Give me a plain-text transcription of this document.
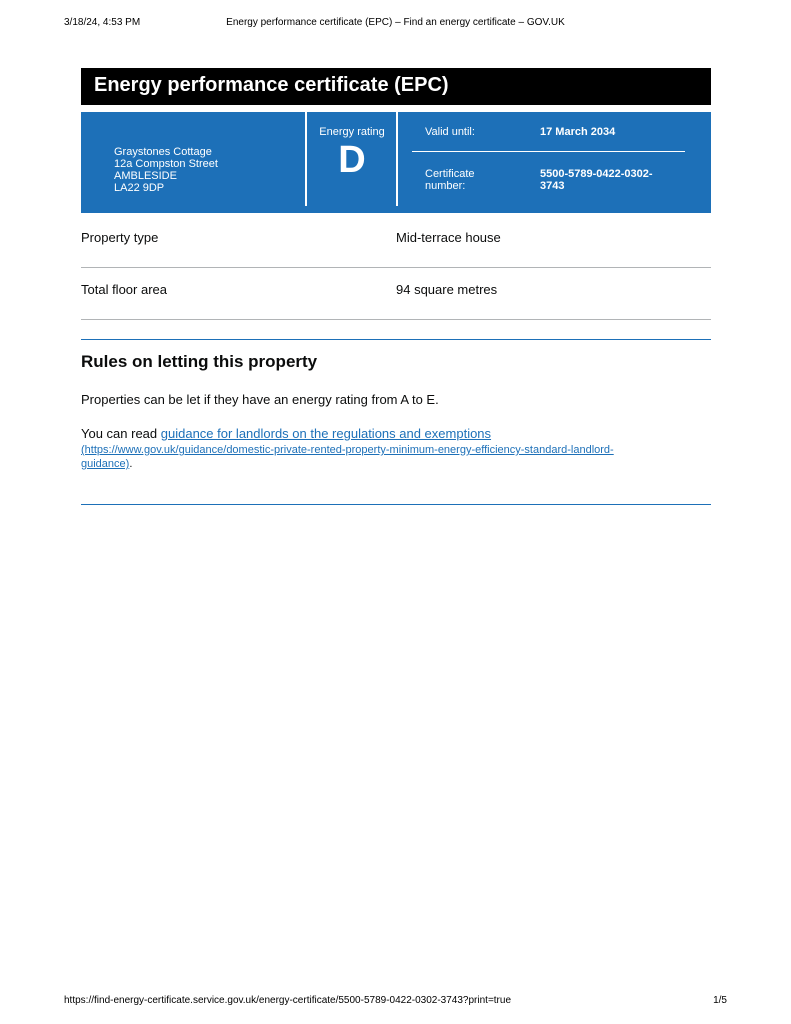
3/18/24, 4:53 PM	Energy performance certificate (EPC) – Find an energy certificate – GOV.UK
Energy performance certificate (EPC)
Graystones Cottage
12a Compston Street
AMBLESIDE
LA22 9DP
Energy rating
D
Valid until:	17 March 2034
Certificate
number:
5500-5789-0422-0302-
3743
Property type	Mid-terrace house
Total floor area	94 square metres
Rules on letting this property
Properties can be let if they have an energy rating from A to E.
You can read guidance for landlords on the regulations and exemptions
(https://www.gov.uk/guidance/domestic-private-rented-property-minimum-energy-efficiency-standard-landlord-
guidance).
https://find-energy-certificate.service.gov.uk/energy-certificate/5500-5789-0422-0302-3743?print=true	1/5
